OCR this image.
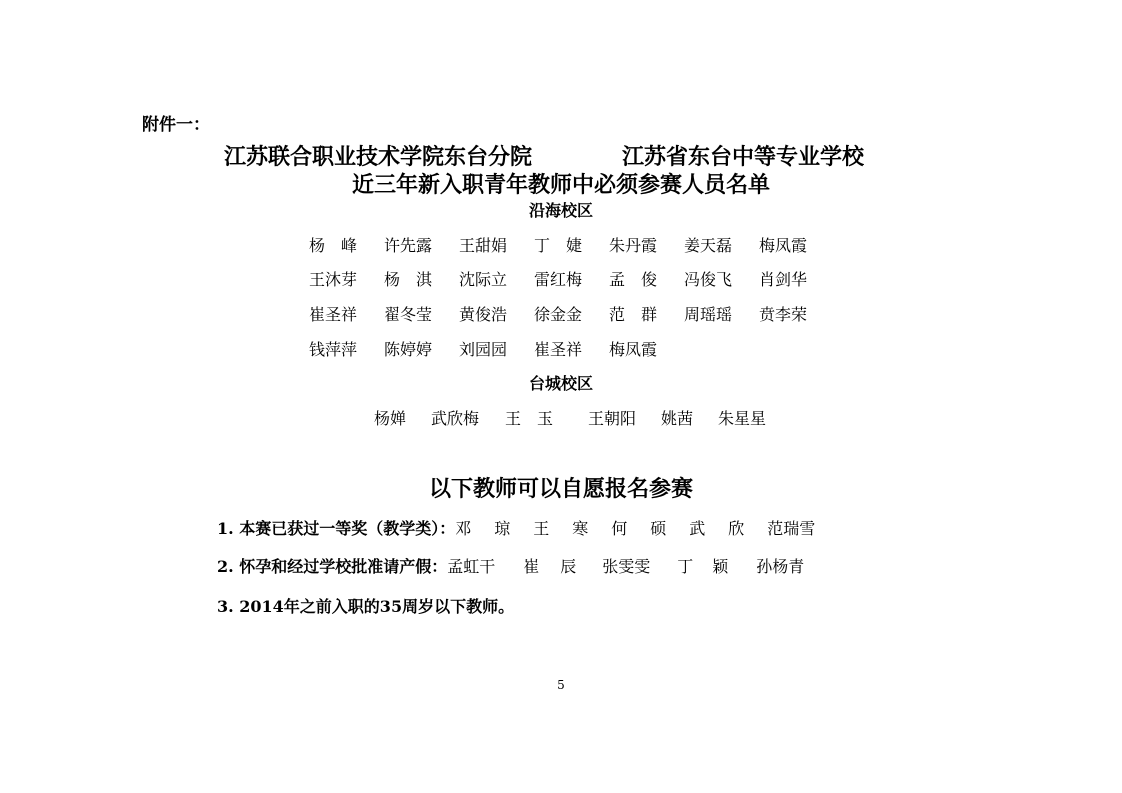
附件一：
江苏联合职业技术学院东台分院	江苏省东台中等专业学校
近三年新入职青年教师中必须参赛人员名单
沿海校区
杨　峰 许先露 王甜娟 丁　婕 朱丹霞 姜天磊 梅凤霞
王沐芽 杨　淇 沈际立 雷红梅 孟　俊 冯俊飞 肖剑华
崔圣祥 翟冬莹 黄俊浩 徐金金 范　群 周瑶瑶 贲李荣
钱萍萍 陈婷婷 刘园园 崔圣祥 梅凤霞
台城校区
杨婵 武欣梅 王　玉 王朝阳 姚茜 朱星星
以下教师可以自愿报名参赛
1. 本赛已获过一等奖（教学类）：邓 琼 王 寒 何 硕 武 欣 范瑞雪
2. 怀孕和经过学校批准请产假：孟虹干 崔 辰 张雯雯 丁 颖 孙杨青
3. 2014年之前入职的35周岁以下教师。
5
